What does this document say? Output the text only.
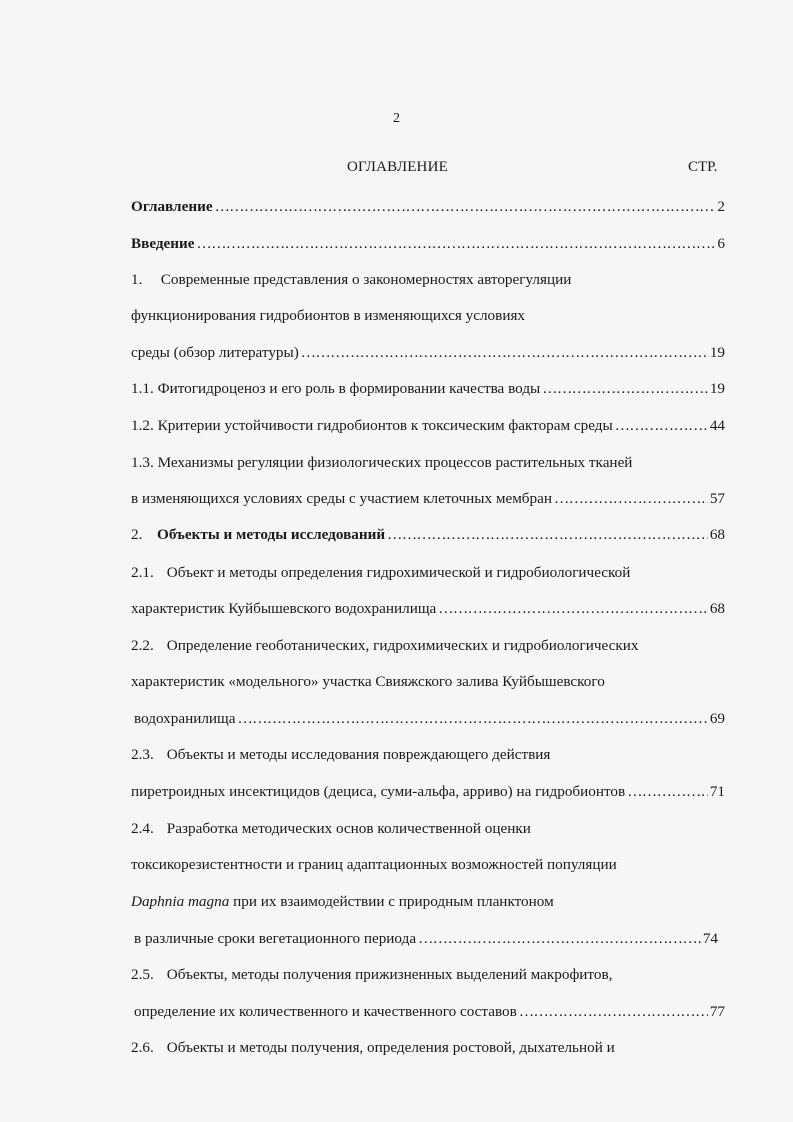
2
ОГЛАВЛЕНИЕ	СТР.
Оглавление ……………………………………………………………………………………………………………………………………………………………………………………………	2
Введение ……………………………………………………………………………………………………………………………………………………………………………………………	6
1. Современные представления о закономерностях авторегуляции
функционирования гидробионтов в изменяющихся условиях
среды (обзор литературы) ……………………………………………………………………………………………………………………………………………………………………………………………	19
1.1. Фитогидроценоз и его роль в формировании качества воды ……………………………………………………………………………………………………………………………………………………………………………………………	19
1.2. Критерии устойчивости гидробионтов к токсическим факторам среды ……………………………………………………………………………………………………………………………………………………………………………………………	44
1.3. Механизмы регуляции физиологических процессов растительных тканей
в изменяющихся условиях среды с участием клеточных мембран ……………………………………………………………………………………………………………………………………………………………………………………………	57
2. Объекты и методы исследований ……………………………………………………………………………………………………………………………………………………………………………………………	68
2.1. Объект и методы определения гидрохимической и гидробиологической
характеристик Куйбышевского водохранилища ……………………………………………………………………………………………………………………………………………………………………………………………	68
2.2. Определение геоботанических, гидрохимических и гидробиологических
характеристик «модельного» участка Свияжского залива Куйбышевского
водохранилища ……………………………………………………………………………………………………………………………………………………………………………………………	69
2.3. Объекты и методы исследования повреждающего действия
пиретроидных инсектицидов (дециса, суми-альфа, арриво) на гидробионтов ……………………………………………………………………………………………………………………………………………………………………………………………	71
2.4. Разработка методических основ количественной оценки
токсикорезистентности и границ адаптационных возможностей популяции
Daphnia magna при их взаимодействии с природным планктоном
в различные сроки вегетационного периода ……………………………………………………………………………………………………………………………………………………………………………………………	74
2.5. Объекты, методы получения прижизненных выделений макрофитов,
определение их количественного и качественного составов ……………………………………………………………………………………………………………………………………………………………………………………………	77
2.6. Объекты и методы получения, определения ростовой, дыхательной и
